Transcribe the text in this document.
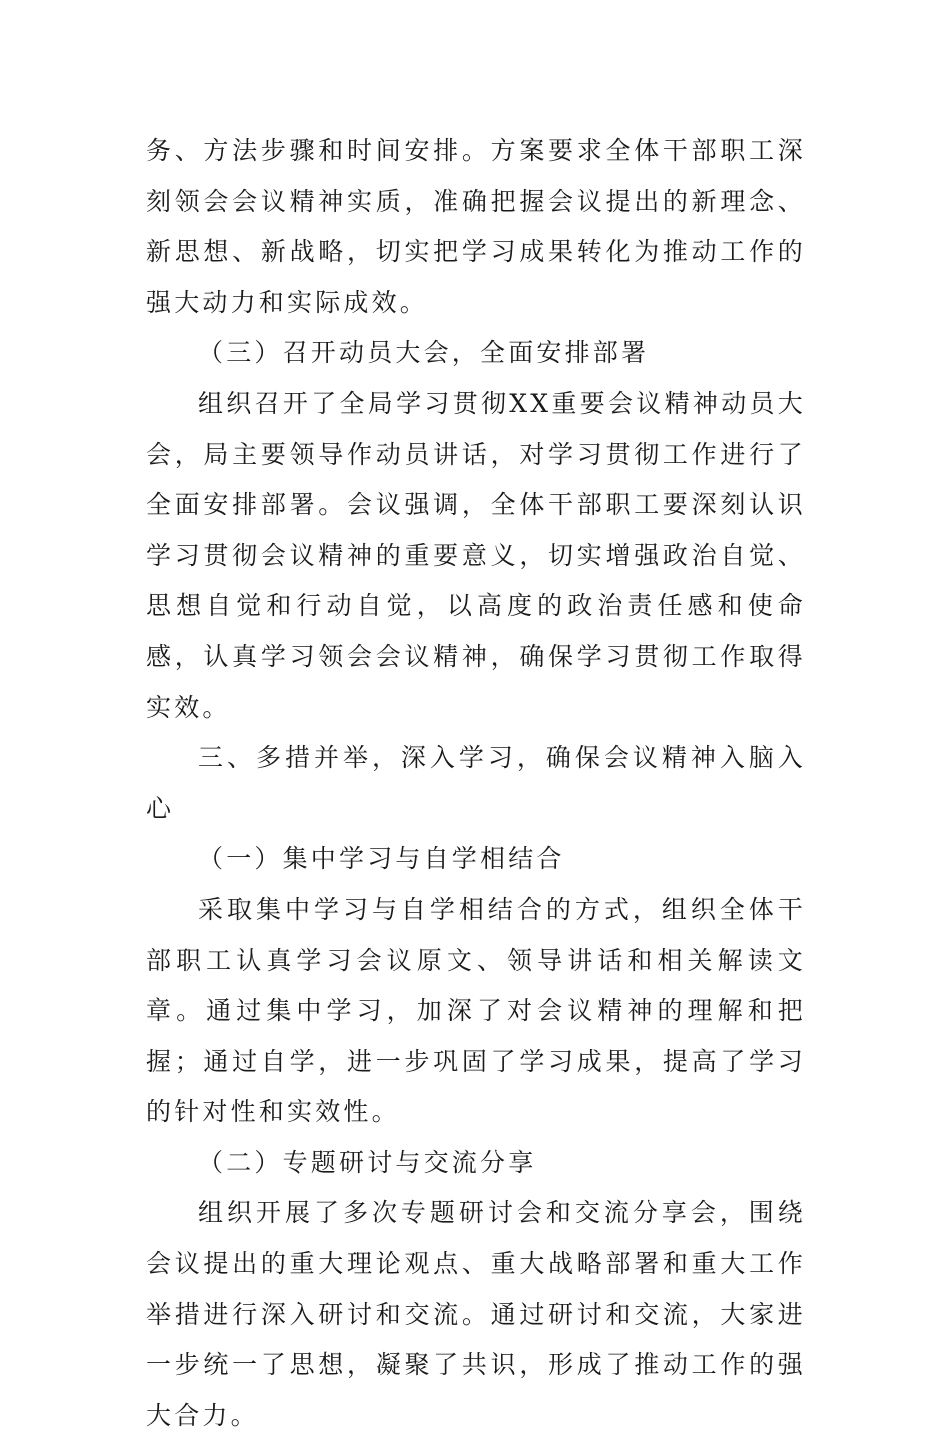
务、方法步骤和时间安排。方案要求全体干部职工深刻领会会议精神实质，准确把握会议提出的新理念、新思想、新战略，切实把学习成果转化为推动工作的强大动力和实际成效。

（三）召开动员大会，全面安排部署

组织召开了全局学习贯彻XX重要会议精神动员大会，局主要领导作动员讲话，对学习贯彻工作进行了全面安排部署。会议强调，全体干部职工要深刻认识学习贯彻会议精神的重要意义，切实增强政治自觉、思想自觉和行动自觉，以高度的政治责任感和使命感，认真学习领会会议精神，确保学习贯彻工作取得实效。

三、多措并举，深入学习，确保会议精神入脑入心

（一）集中学习与自学相结合

采取集中学习与自学相结合的方式，组织全体干部职工认真学习会议原文、领导讲话和相关解读文章。通过集中学习，加深了对会议精神的理解和把握；通过自学，进一步巩固了学习成果，提高了学习的针对性和实效性。

（二）专题研讨与交流分享

组织开展了多次专题研讨会和交流分享会，围绕会议提出的重大理论观点、重大战略部署和重大工作举措进行深入研讨和交流。通过研讨和交流，大家进一步统一了思想，凝聚了共识，形成了推动工作的强大合力。
